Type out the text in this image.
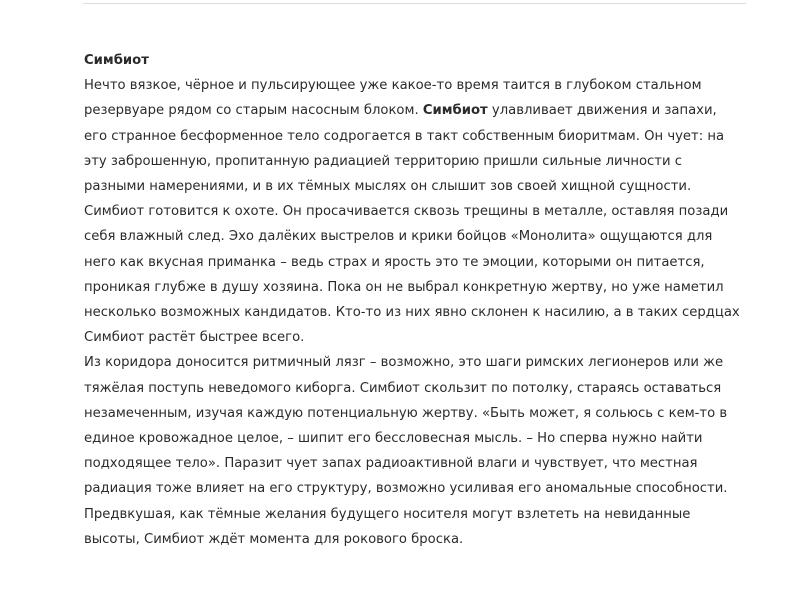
Симбиот

Нечто вязкое, чёрное и пульсирующее уже какое-то время таится в глубоком стальном резервуаре рядом со старым насосным блоком. Симбиот улавливает движения и запахи, его странное бесформенное тело содрогается в такт собственным биоритмам. Он чует: на эту заброшенную, пропитанную радиацией территорию пришли сильные личности с разными намерениями, и в их тёмных мыслях он слышит зов своей хищной сущности.

Симбиот готовится к охоте. Он просачивается сквозь трещины в металле, оставляя позади себя влажный след. Эхо далёких выстрелов и крики бойцов «Монолита» ощущаются для него как вкусная приманка – ведь страх и ярость это те эмоции, которыми он питается, проникая глубже в душу хозяина. Пока он не выбрал конкретную жертву, но уже наметил несколько возможных кандидатов. Кто-то из них явно склонен к насилию, а в таких сердцах Симбиот растёт быстрее всего.

Из коридора доносится ритмичный лязг – возможно, это шаги римских легионеров или же тяжёлая поступь неведомого киборга. Симбиот скользит по потолку, стараясь оставаться незамеченным, изучая каждую потенциальную жертву. «Быть может, я сольюсь с кем-то в единое кровожадное целое, – шипит его бессловесная мысль. – Но сперва нужно найти подходящее тело». Паразит чует запах радиоактивной влаги и чувствует, что местная радиация тоже влияет на его структуру, возможно усиливая его аномальные способности. Предвкушая, как тёмные желания будущего носителя могут взлететь на невиданные высоты, Симбиот ждёт момента для рокового броска.
